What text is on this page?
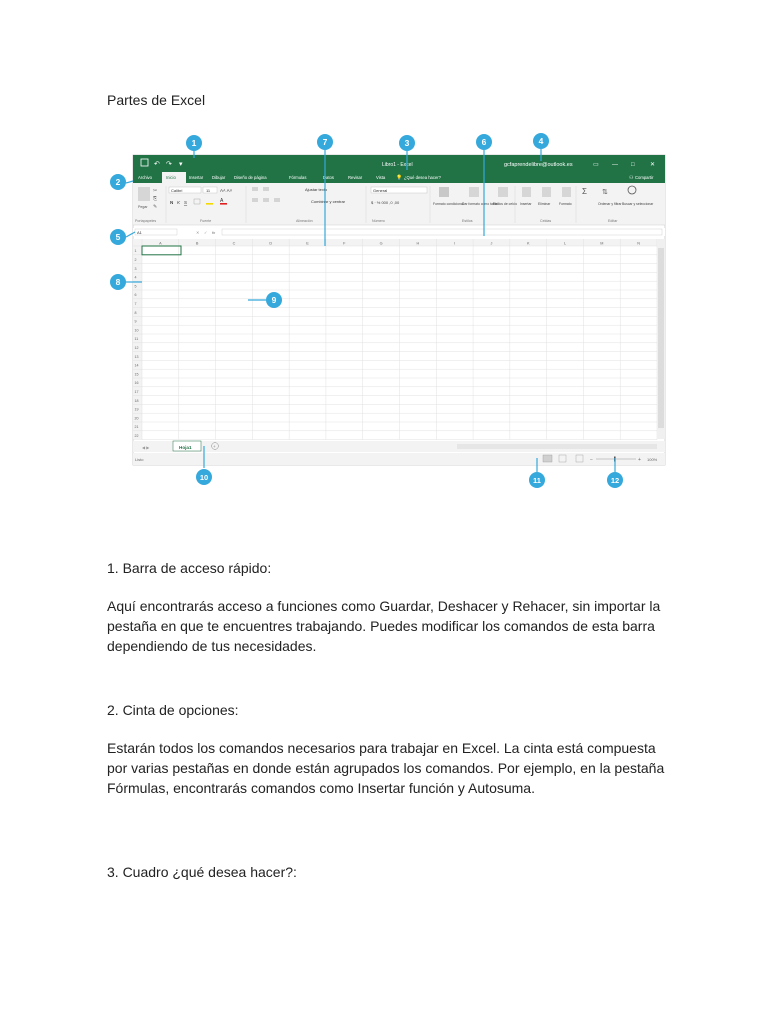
Partes de Excel
↶ ↷ ▾	Libro1 - Excel	gcfaprendelibre@outlook.es	▭ — □	✕
Archivo	Inicio	Insertar Dibujar Diseño de página	Fórmulas	Datos	Revisar	Vista 💡 ¿Qué desea hacer?	⚇ Compartir
Pegar
✂
⎘
✎
Calibri	11 A˄ A˅
N K S	A
Ajustar texto
Combinar y centrar
General
$ · % 000 ,0 ,00	Formato condicional
Dar formato como tabla
Estilos de celda Insertar Eliminar	Formato
Σ ⇅
Ordenar y filtrar Buscar y seleccionar
Portapapeles	Fuente	Alineación	Número	Estilos	Celdas	Editar
A1	✕ ✓ fx
A	B	C	D	E	F	G	H	I	J	K	L	M	N
1
2
3
4
5
6
7
8
9
10
11
12
13
14
15
16
17
18
19
20
21
22
◀ ▶	Hoja1	+
Listo	−	+ 100%
1
2
3	4
5
6
7
8
9
10	11	12

1. Barra de acceso rápido:

Aquí encontrarás acceso a funciones como Guardar, Deshacer y Rehacer, sin importar la pestaña en que te encuentres trabajando. Puedes modificar los comandos de esta barra dependiendo de tus necesidades.

2. Cinta de opciones:

Estarán todos los comandos necesarios para trabajar en Excel. La cinta está compuesta por varias pestañas en donde están agrupados los comandos. Por ejemplo, en la pestaña Fórmulas, encontrarás comandos como Insertar función y Autosuma.

3. Cuadro ¿qué desea hacer?:
